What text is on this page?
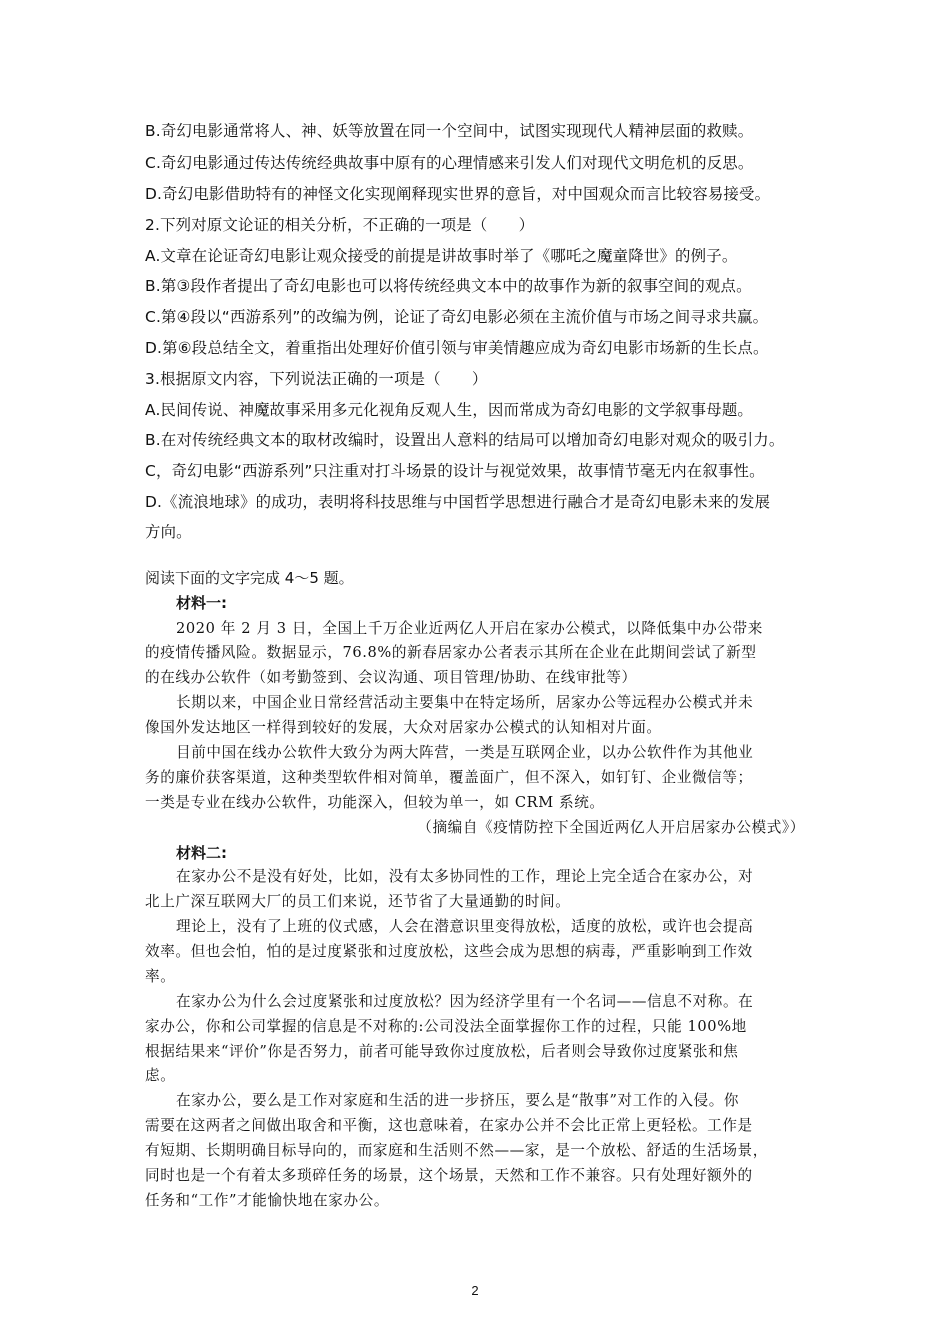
B.奇幻电影通常将人、神、妖等放置在同一个空间中，试图实现现代人精神层面的救赎。
C.奇幻电影通过传达传统经典故事中原有的心理情感来引发人们对现代文明危机的反思。
D.奇幻电影借助特有的神怪文化实现阐释现实世界的意旨，对中国观众而言比较容易接受。
2.下列对原文论证的相关分析，不正确的一项是（　　）
A.文章在论证奇幻电影让观众接受的前提是讲故事时举了《哪吒之魔童降世》的例子。
B.第③段作者提出了奇幻电影也可以将传统经典文本中的故事作为新的叙事空间的观点。
C.第④段以“西游系列”的改编为例，论证了奇幻电影必须在主流价值与市场之间寻求共赢。
D.第⑥段总结全文，着重指出处理好价值引领与审美情趣应成为奇幻电影市场新的生长点。
3.根据原文内容，下列说法正确的一项是（　　）
A.民间传说、神魔故事采用多元化视角反观人生，因而常成为奇幻电影的文学叙事母题。
B.在对传统经典文本的取材改编时，设置出人意料的结局可以增加奇幻电影对观众的吸引力。
C，奇幻电影“西游系列”只注重对打斗场景的设计与视觉效果，故事情节毫无内在叙事性。
D.《流浪地球》的成功，表明将科技思维与中国哲学思想进行融合才是奇幻电影未来的发展
方向。
阅读下面的文字完成 4～5 题。
材料一:
2020 年 2 月 3 日，全国上千万企业近两亿人开启在家办公模式，以降低集中办公带来
的疫情传播风险。数据显示，76.8%的新春居家办公者表示其所在企业在此期间尝试了新型
的在线办公软件（如考勤签到、会议沟通、项目管理/协助、在线审批等）
长期以来，中国企业日常经营活动主要集中在特定场所，居家办公等远程办公模式并未
像国外发达地区一样得到较好的发展，大众对居家办公模式的认知相对片面。
目前中国在线办公软件大致分为两大阵营，一类是互联网企业，以办公软件作为其他业
务的廉价获客渠道，这种类型软件相对简单，覆盖面广，但不深入，如钉钉、企业微信等；
一类是专业在线办公软件，功能深入，但较为单一，如 CRM 系统。
（摘编自《疫情防控下全国近两亿人开启居家办公模式》）
材料二:
在家办公不是没有好处，比如，没有太多协同性的工作，理论上完全适合在家办公，对
北上广深互联网大厂的员工们来说，还节省了大量通勤的时间。
理论上，没有了上班的仪式感，人会在潜意识里变得放松，适度的放松，或许也会提高
效率。但也会怕，怕的是过度紧张和过度放松，这些会成为思想的病毒，严重影响到工作效
率。
在家办公为什么会过度紧张和过度放松？因为经济学里有一个名词——信息不对称。在
家办公，你和公司掌握的信息是不对称的:公司没法全面掌握你工作的过程，只能 100%地
根据结果来“评价”你是否努力，前者可能导致你过度放松，后者则会导致你过度紧张和焦
虑。
在家办公，要么是工作对家庭和生活的进一步挤压，要么是“散事”对工作的入侵。你
需要在这两者之间做出取舍和平衡，这也意味着，在家办公并不会比正常上更轻松。工作是
有短期、长期明确目标导向的，而家庭和生活则不然——家，是一个放松、舒适的生活场景，
同时也是一个有着太多琐碎任务的场景，这个场景，天然和工作不兼容。只有处理好额外的
任务和“工作”才能愉快地在家办公。
2
